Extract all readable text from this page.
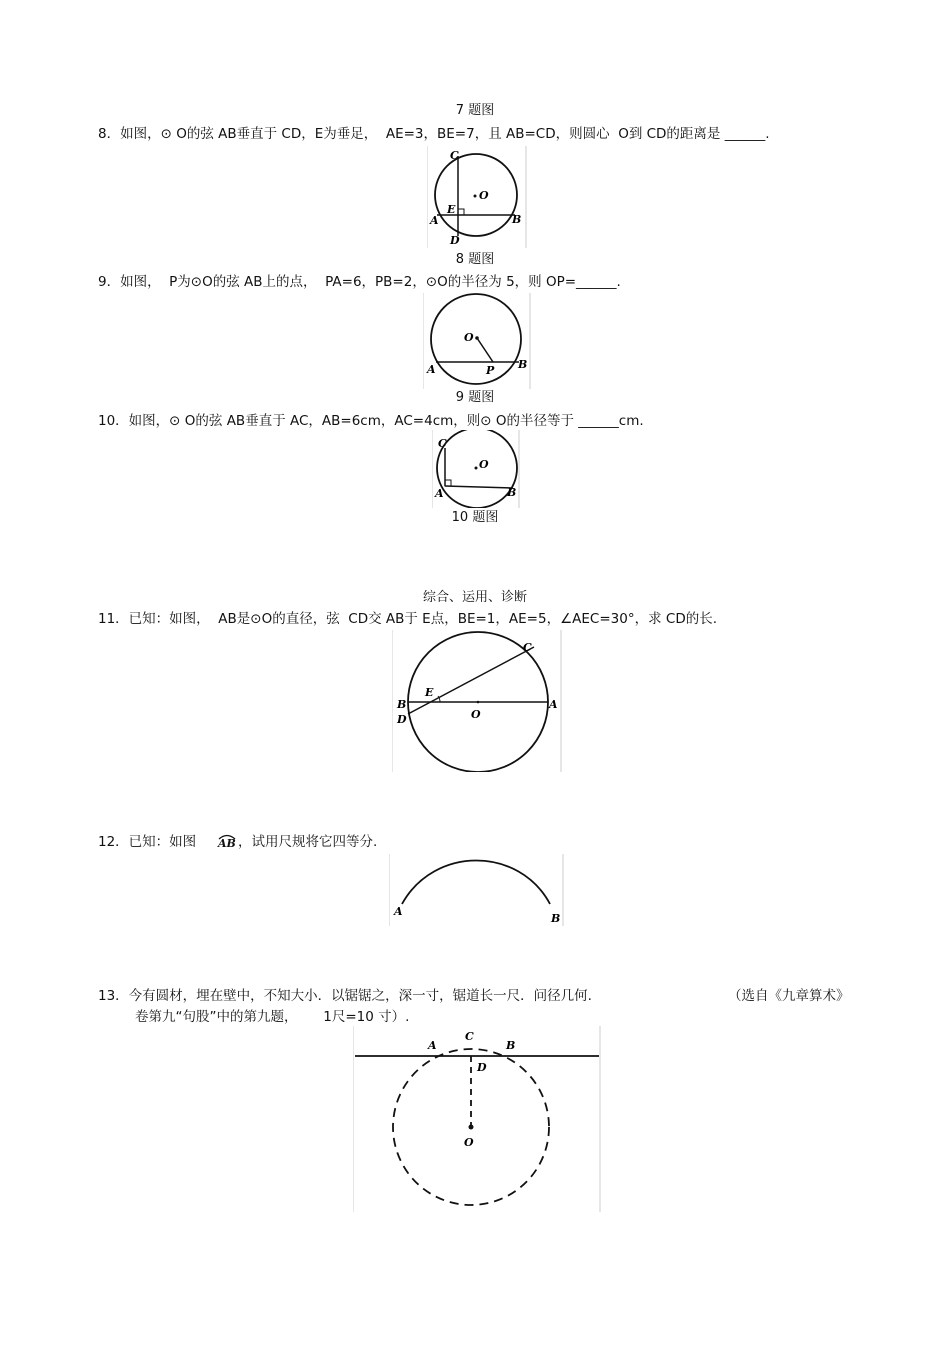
7 题图
8．如图，⊙ O的弦 AB垂直于 CD，E为垂足，  AE=3，BE=7，且 AB=CD，则圆心  O到 CD的距离是 ______.
C
O
E
A	B
D
8 题图
9．如图，  P为⊙O的弦 AB上的点，  PA=6，PB=2，⊙O的半径为 5，则 OP=______.
O
A	P B
9 题图
10．如图，⊙ O的弦 AB垂直于 AC，AB=6cm，AC=4cm，则⊙ O的半径等于 ______cm.
C
O
A	B
10 题图
综合、运用、诊断
11．已知：如图，  AB是⊙O的直径，弦  CD交 AB于 E点，BE=1，AE=5，∠AEC=30°，求 CD的长.
C
E
B
D	O
A
12．已知：如图 AB ，试用尺规将它四等分.
A
B
13．今有圆材，埋在壁中，不知大小．以锯锯之，深一寸，锯道长一尺．问径几何.	（选自《九章算术》
卷第九“句股”中的第九题，      1尺=10 寸）.
C
A	B
D
O
